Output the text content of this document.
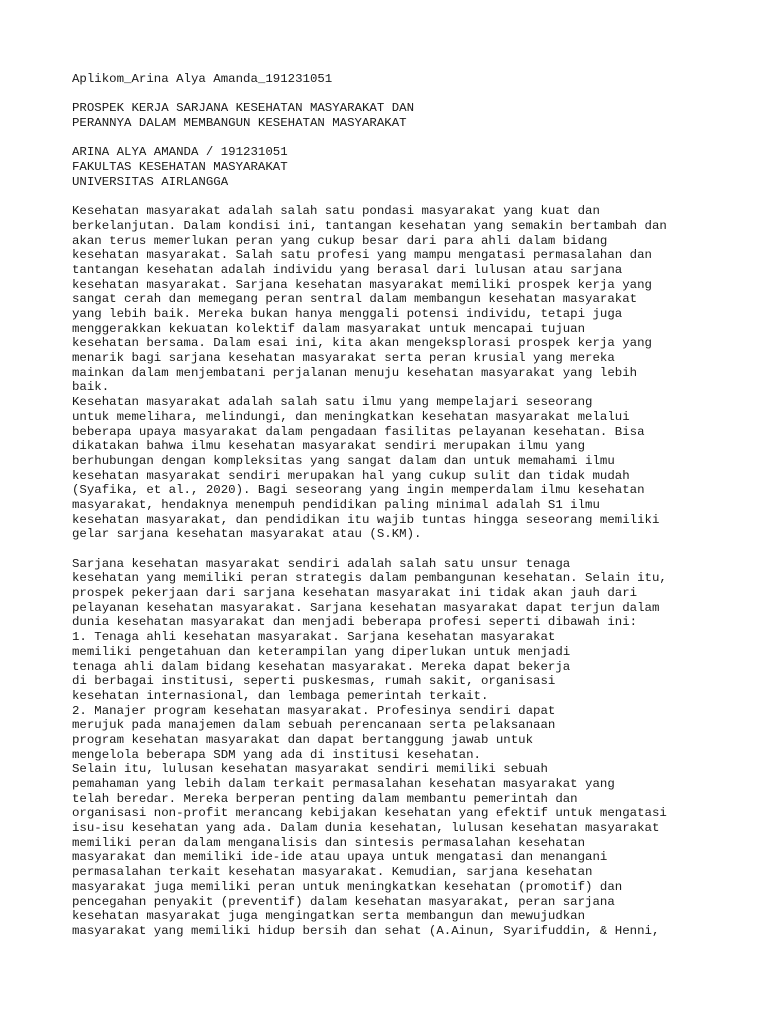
Aplikom_Arina Alya Amanda_191231051
PROSPEK KERJA SARJANA KESEHATAN MASYARAKAT DAN
PERANNYA DALAM MEMBANGUN KESEHATAN MASYARAKAT
ARINA ALYA AMANDA / 191231051
FAKULTAS KESEHATAN MASYARAKAT
UNIVERSITAS AIRLANGGA
Kesehatan masyarakat adalah salah satu pondasi masyarakat yang kuat dan
berkelanjutan. Dalam kondisi ini, tantangan kesehatan yang semakin bertambah dan
akan terus memerlukan peran yang cukup besar dari para ahli dalam bidang
kesehatan masyarakat. Salah satu profesi yang mampu mengatasi permasalahan dan
tantangan kesehatan adalah individu yang berasal dari lulusan atau sarjana
kesehatan masyarakat. Sarjana kesehatan masyarakat memiliki prospek kerja yang
sangat cerah dan memegang peran sentral dalam membangun kesehatan masyarakat
yang lebih baik. Mereka bukan hanya menggali potensi individu, tetapi juga
menggerakkan kekuatan kolektif dalam masyarakat untuk mencapai tujuan
kesehatan bersama. Dalam esai ini, kita akan mengeksplorasi prospek kerja yang
menarik bagi sarjana kesehatan masyarakat serta peran krusial yang mereka
mainkan dalam menjembatani perjalanan menuju kesehatan masyarakat yang lebih
baik.
Kesehatan masyarakat adalah salah satu ilmu yang mempelajari seseorang
untuk memelihara, melindungi, dan meningkatkan kesehatan masyarakat melalui
beberapa upaya masyarakat dalam pengadaan fasilitas pelayanan kesehatan. Bisa
dikatakan bahwa ilmu kesehatan masyarakat sendiri merupakan ilmu yang
berhubungan dengan kompleksitas yang sangat dalam dan untuk memahami ilmu
kesehatan masyarakat sendiri merupakan hal yang cukup sulit dan tidak mudah
(Syafika, et al., 2020). Bagi seseorang yang ingin memperdalam ilmu kesehatan
masyarakat, hendaknya menempuh pendidikan paling minimal adalah S1 ilmu
kesehatan masyarakat, dan pendidikan itu wajib tuntas hingga seseorang memiliki
gelar sarjana kesehatan masyarakat atau (S.KM).
Sarjana kesehatan masyarakat sendiri adalah salah satu unsur tenaga
kesehatan yang memiliki peran strategis dalam pembangunan kesehatan. Selain itu,
prospek pekerjaan dari sarjana kesehatan masyarakat ini tidak akan jauh dari
pelayanan kesehatan masyarakat. Sarjana kesehatan masyarakat dapat terjun dalam
dunia kesehatan masyarakat dan menjadi beberapa profesi seperti dibawah ini:
1. Tenaga ahli kesehatan masyarakat. Sarjana kesehatan masyarakat
memiliki pengetahuan dan keterampilan yang diperlukan untuk menjadi
tenaga ahli dalam bidang kesehatan masyarakat. Mereka dapat bekerja
di berbagai institusi, seperti puskesmas, rumah sakit, organisasi
kesehatan internasional, dan lembaga pemerintah terkait.
2. Manajer program kesehatan masyarakat. Profesinya sendiri dapat
merujuk pada manajemen dalam sebuah perencanaan serta pelaksanaan
program kesehatan masyarakat dan dapat bertanggung jawab untuk
mengelola beberapa SDM yang ada di institusi kesehatan.
Selain itu, lulusan kesehatan masyarakat sendiri memiliki sebuah
pemahaman yang lebih dalam terkait permasalahan kesehatan masyarakat yang
telah beredar. Mereka berperan penting dalam membantu pemerintah dan
organisasi non-profit merancang kebijakan kesehatan yang efektif untuk mengatasi
isu-isu kesehatan yang ada. Dalam dunia kesehatan, lulusan kesehatan masyarakat
memiliki peran dalam menganalisis dan sintesis permasalahan kesehatan
masyarakat dan memiliki ide-ide atau upaya untuk mengatasi dan menangani
permasalahan terkait kesehatan masyarakat. Kemudian, sarjana kesehatan
masyarakat juga memiliki peran untuk meningkatkan kesehatan (promotif) dan
pencegahan penyakit (preventif) dalam kesehatan masyarakat, peran sarjana
kesehatan masyarakat juga mengingatkan serta membangun dan mewujudkan
masyarakat yang memiliki hidup bersih dan sehat (A.Ainun, Syarifuddin, & Henni,
